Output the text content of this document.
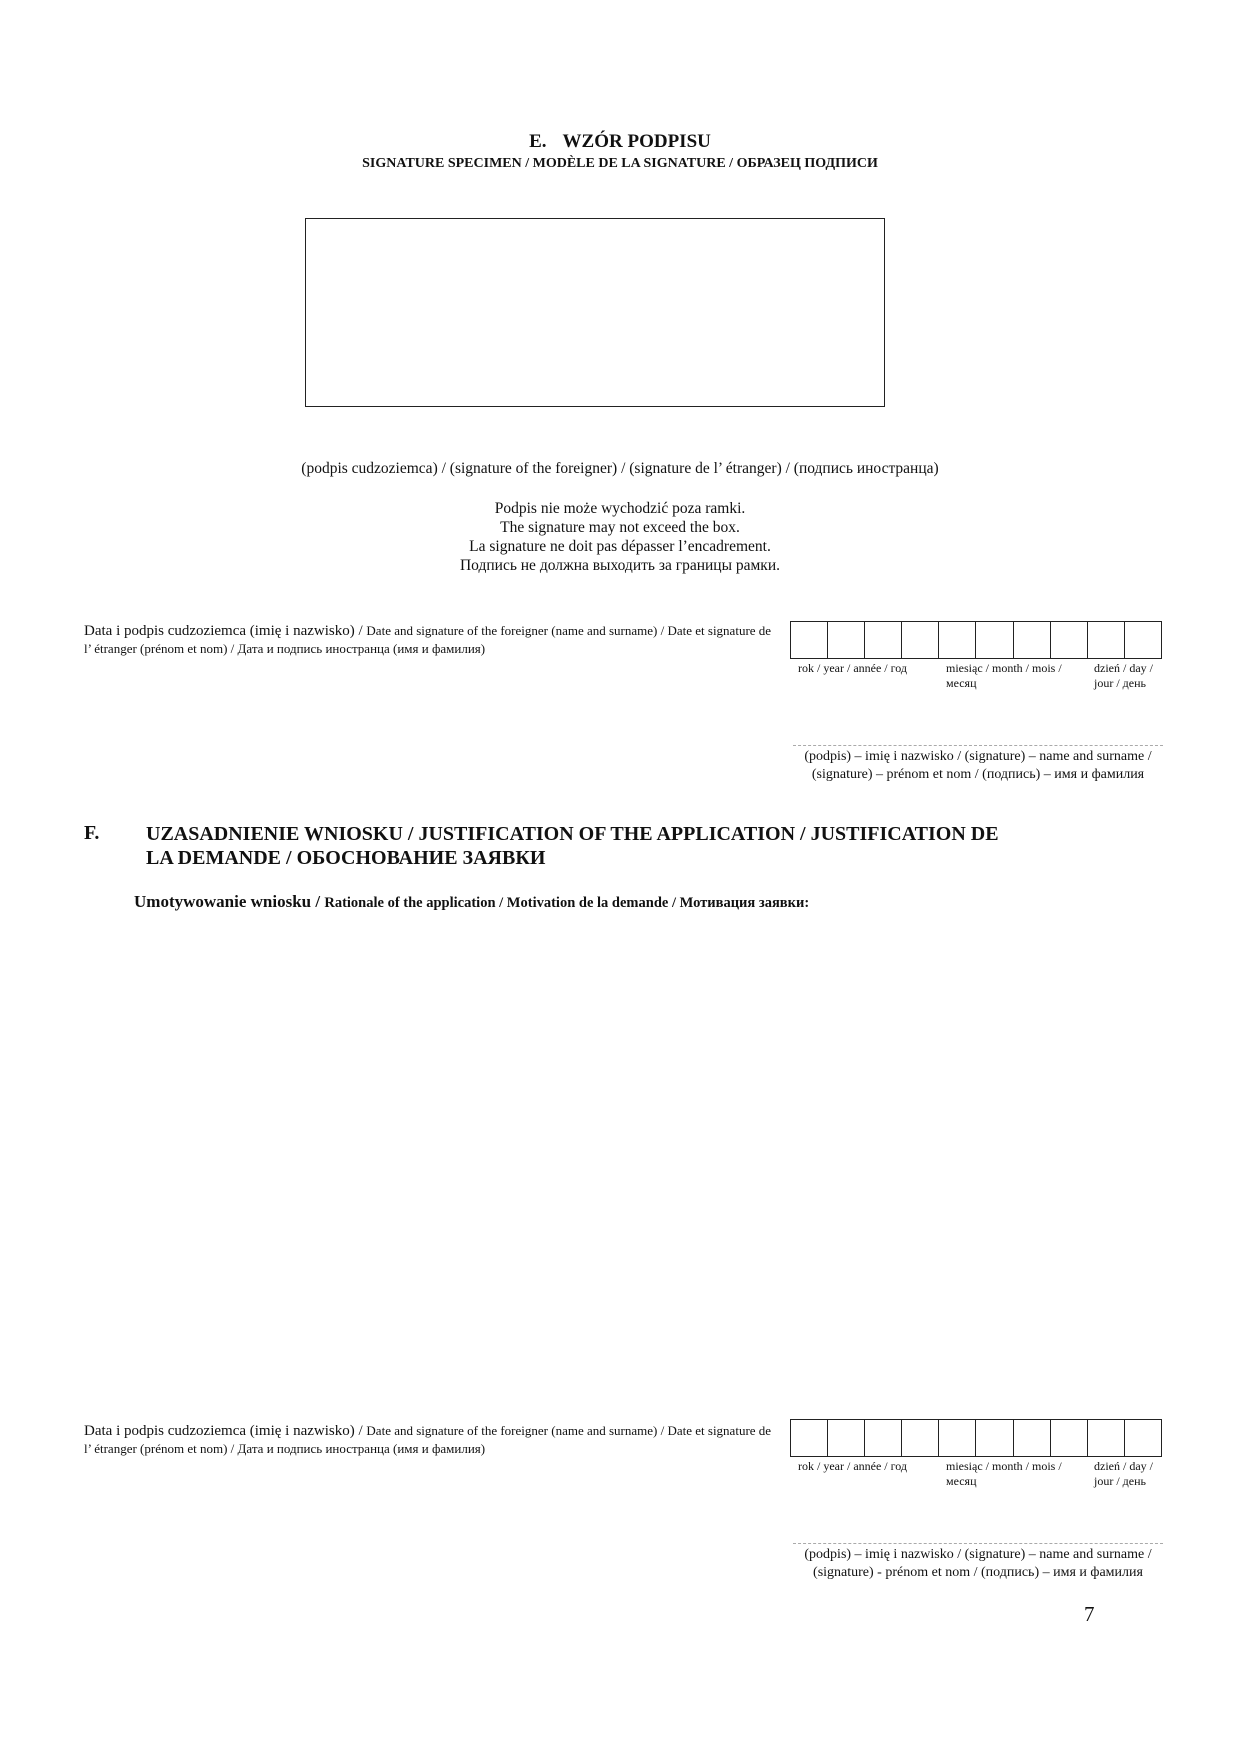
E. WZÓR PODPISU
SIGNATURE SPECIMEN / MODÈLE DE LA SIGNATURE / ОБРАЗЕЦ ПОДПИСИ
(podpis cudzoziemca) / (signature of the foreigner) / (signature de l’ étranger) / (подпись иностранца)
Podpis nie może wychodzić poza ramki.
The signature may not exceed the box.
La signature ne doit pas dépasser l’encadrement.
Подпись не должна выходить за границы рамки.
Data i podpis cudzoziemca (imię i nazwisko) / Date and signature of the foreigner (name and surname) / Date et signature de l’ étranger (prénom et nom) / Дата и подпись иностранца (имя и фамилия)
rok / year / année / год	miesiąc / month / mois / месяц
dzień / day / jour / день
(podpis) – imię i nazwisko / (signature) – name and surname / (signature) – prénom et nom / (подпись) – имя и фамилия
F. UZASADNIENIE WNIOSKU / JUSTIFICATION OF THE APPLICATION / JUSTIFICATION DE LA DEMANDE / ОБОСНОВАНИЕ ЗАЯВКИ
Umotywowanie wniosku / Rationale of the application / Motivation de la demande / Мотивация заявки:
Data i podpis cudzoziemca (imię i nazwisko) / Date and signature of the foreigner (name and surname) / Date et signature de l’ étranger (prénom et nom) / Дата и подпись иностранца (имя и фамилия)
rok / year / année / год	miesiąc / month / mois / месяц
dzień / day / jour / день
(podpis) – imię i nazwisko / (signature) – name and surname / (signature) - prénom et nom / (подпись) – имя и фамилия
7
